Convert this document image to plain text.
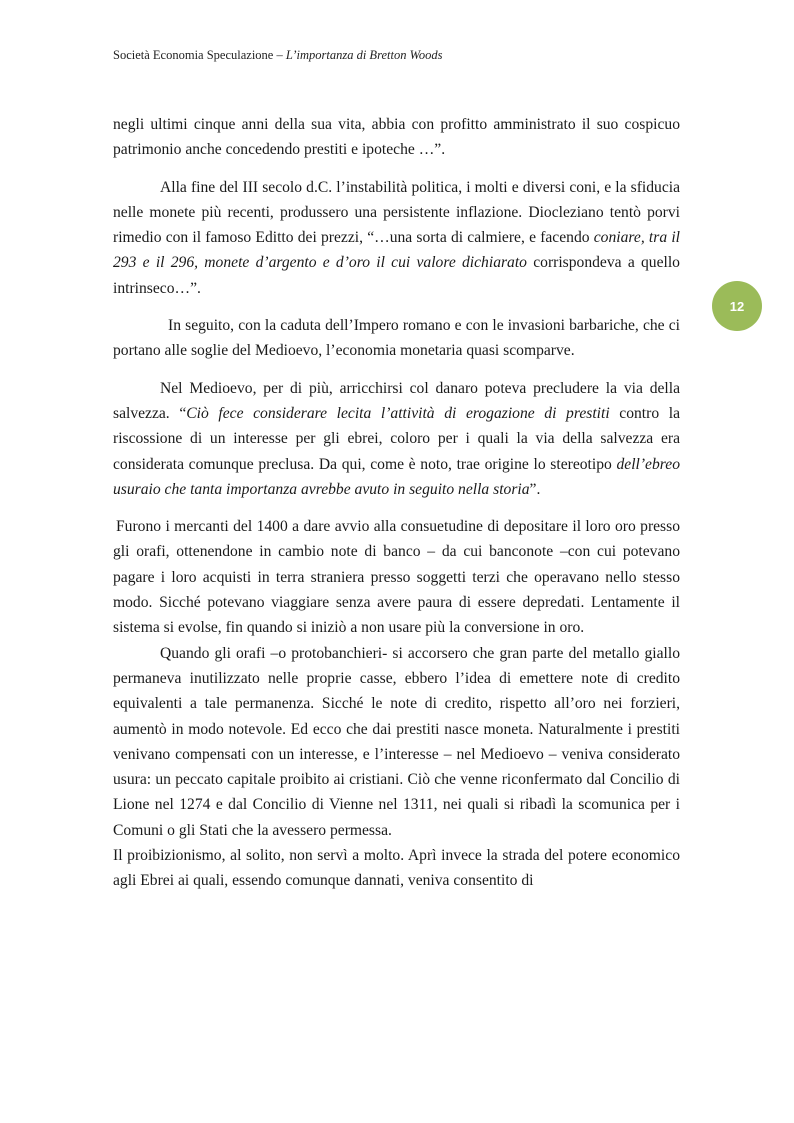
Società Economia Speculazione – L’importanza di Bretton Woods
12

negli ultimi cinque anni della sua vita, abbia con profitto amministrato il suo cospicuo patrimonio anche concedendo prestiti e ipoteche …”.

Alla fine del III secolo d.C. l’instabilità politica, i molti e diversi coni, e la sfiducia nelle monete più recenti, produssero una persistente inflazione. Diocleziano tentò porvi rimedio con il famoso Editto dei prezzi, “…una sorta di calmiere, e facendo coniare, tra il 293 e il 296, monete d’argento e d’oro il cui valore dichiarato corrispondeva a quello intrinseco…”.

In seguito, con la caduta dell’Impero romano e con le invasioni barbariche, che ci portano alle soglie del Medioevo, l’economia monetaria quasi scomparve.

Nel Medioevo, per di più, arricchirsi col danaro poteva precludere la via della salvezza. “Ciò fece considerare lecita l’attività di erogazione di prestiti contro la riscossione di un interesse per gli ebrei, coloro per i quali la via della salvezza era considerata comunque preclusa. Da qui, come è noto, trae origine lo stereotipo dell’ebreo usuraio che tanta importanza avrebbe avuto in seguito nella storia”.

Furono i mercanti del 1400 a dare avvio alla consuetudine di depositare il loro oro presso gli orafi, ottenendone in cambio note di banco – da cui banconote –con cui potevano pagare i loro acquisti in terra straniera presso soggetti terzi che operavano nello stesso modo. Sicché potevano viaggiare senza avere paura di essere depredati. Lentamente il sistema si evolse, fin quando si iniziò a non usare più la conversione in oro.

Quando gli orafi –o protobanchieri- si accorsero che gran parte del metallo giallo permaneva inutilizzato nelle proprie casse, ebbero l’idea di emettere note di credito equivalenti a tale permanenza. Sicché le note di credito, rispetto all’oro nei forzieri, aumentò in modo notevole. Ed ecco che dai prestiti nasce moneta. Naturalmente i prestiti venivano compensati con un interesse, e l’interesse – nel Medioevo – veniva considerato usura: un peccato capitale proibito ai cristiani. Ciò che venne riconfermato dal Concilio di Lione nel 1274 e dal Concilio di Vienne nel 1311, nei quali si ribadì la scomunica per i Comuni o gli Stati che la avessero permessa.

Il proibizionismo, al solito, non servì a molto. Aprì invece la strada del potere economico agli Ebrei ai quali, essendo comunque dannati, veniva consentito di
